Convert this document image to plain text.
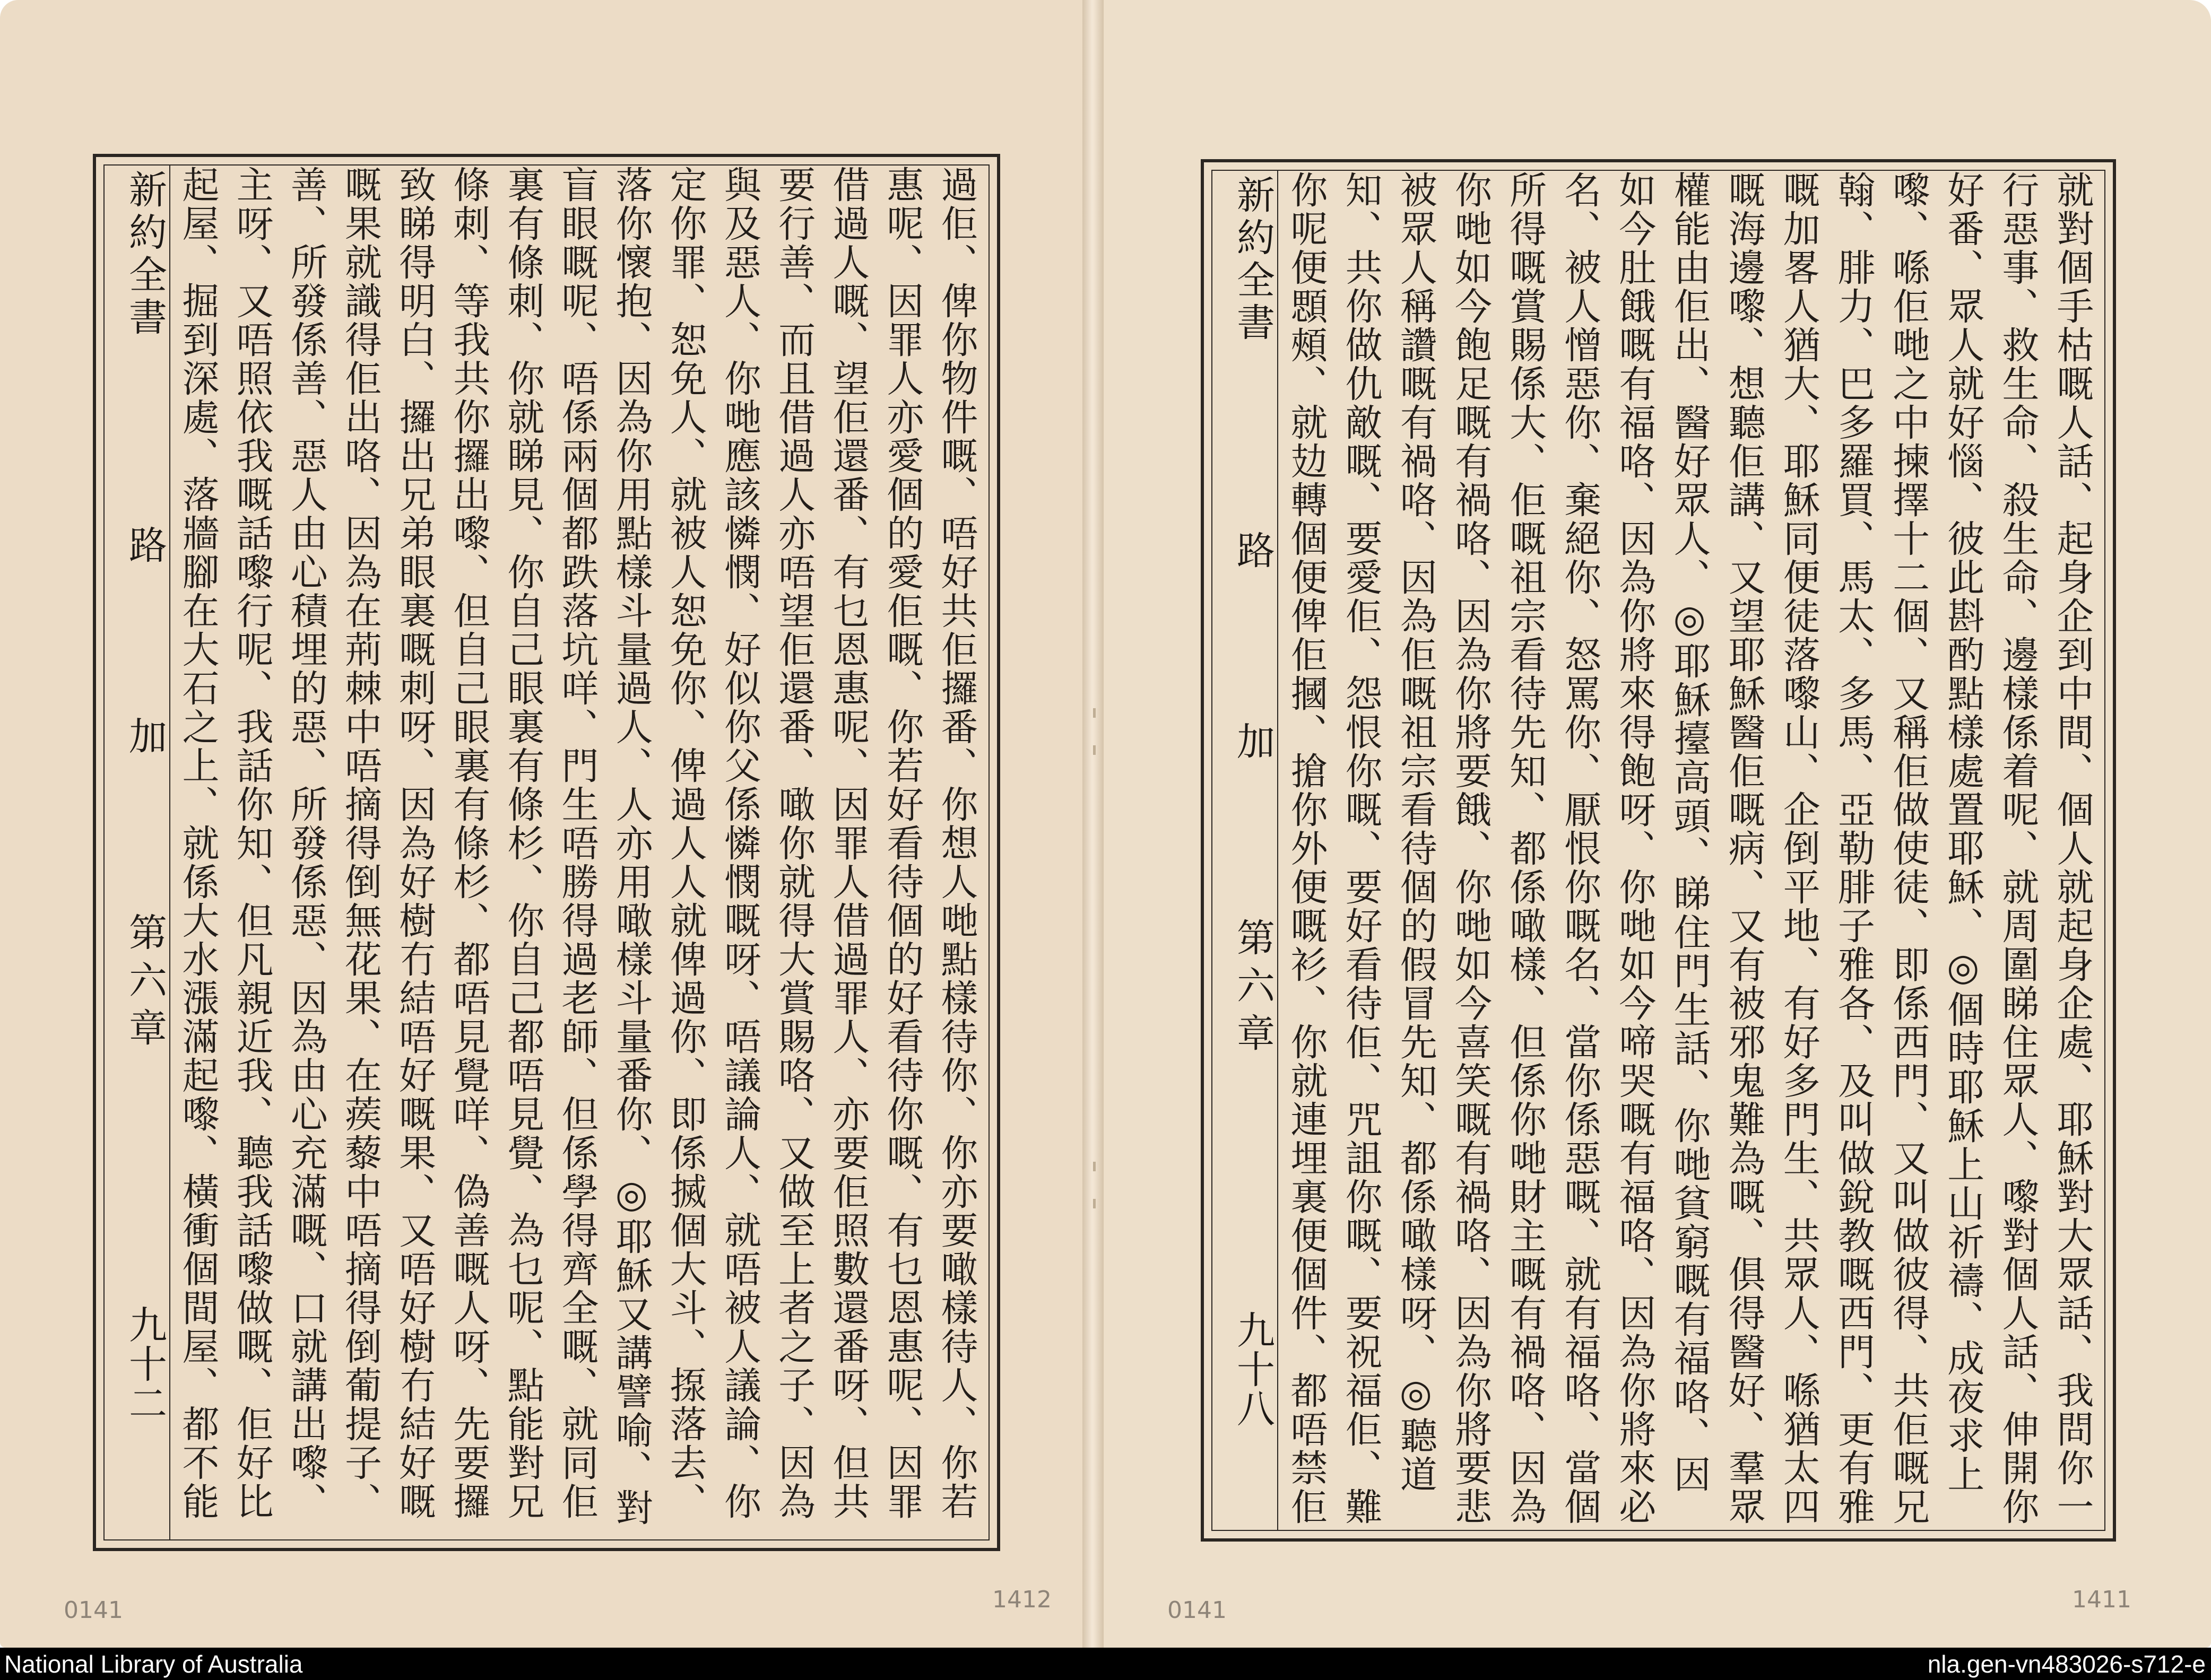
新約全書
路
加
第六章
九十二
過佢、俾你物件嘅、唔好共佢攞番、你想人哋點樣待你、你亦要噉樣待人、你若
惠呢、因罪人亦愛個的愛佢嘅、你若好看待個的好看待你嘅、有乜恩惠呢、因罪
借過人嘅、望佢還番、有乜恩惠呢、因罪人借過罪人、亦要佢照數還番呀、但共
要行善、而且借過人亦唔望佢還番、噉你就得大賞賜咯、又做至上者之子、因為
與及惡人、你哋應該憐憫、好似你父係憐憫嘅呀、唔議論人、就唔被人議論、你
定你罪、恕免人、就被人恕免你、俾過人人就俾過你、即係搣個大斗、揼落去、
落你懷抱、因為你用點樣斗量過人、人亦用噉樣斗量番你、◎耶穌又講譬喻、對
盲眼嘅呢、唔係兩個都跌落坑咩、門生唔勝得過老師、但係學得齊全嘅、就同佢
裏有條刺、你就睇見、你自己眼裏有條杉、你自己都唔見覺、為乜呢、點能對兄
條刺、等我共你攞出嚟、但自己眼裏有條杉、都唔見覺咩、偽善嘅人呀、先要攞
致睇得明白、攞出兄弟眼裏嘅刺呀、因為好樹冇結唔好嘅果、又唔好樹冇結好嘅
嘅果就識得佢出咯、因為在荊棘中唔摘得倒無花果、在蒺藜中唔摘得倒葡提子、
善、所發係善、惡人由心積埋的惡、所發係惡、因為由心充滿嘅、口就講出嚟、
主呀、又唔照依我嘅話嚟行呢、我話你知、但凡親近我、聽我話嚟做嘅、佢好比
起屋、掘到深處、落牆腳在大石之上、就係大水漲滿起嚟、橫衝個間屋、都不能
新約全書
路
加
第六章
九十八
就對個手枯嘅人話、起身企到中間、個人就起身企處、耶穌對大眾話、我問你一
行惡事、救生命、殺生命、邊樣係着呢、就周圍睇住眾人、嚟對個人話、伸開你
好番、眾人就好惱、彼此斟酌點樣處置耶穌、◎個時耶穌上山祈禱、成夜求上
嚟、喺佢哋之中揀擇十二個、又稱佢做使徒、即係西門、又叫做彼得、共佢嘅兄
翰、腓力、巴多羅買、馬太、多馬、亞勒腓子雅各、及叫做銳教嘅西門、更有雅
嘅加畧人猶大、耶穌同便徒落嚟山、企倒平地、有好多門生、共眾人、喺猶太四
嘅海邊嚟、想聽佢講、又望耶穌醫佢嘅病、又有被邪鬼難為嘅、俱得醫好、羣眾
權能由佢出、醫好眾人、◎耶穌擡高頭、睇住門生話、你哋貧窮嘅有福咯、因
如今肚餓嘅有福咯、因為你將來得飽呀、你哋如今啼哭嘅有福咯、因為你將來必
名、被人憎惡你、棄絕你、怒罵你、厭恨你嘅名、當你係惡嘅、就有福咯、當個
所得嘅賞賜係大、佢嘅祖宗看待先知、都係噉樣、但係你哋財主嘅有禍咯、因為
你哋如今飽足嘅有禍咯、因為你將要餓、你哋如今喜笑嘅有禍咯、因為你將要悲
被眾人稱讚嘅有禍咯、因為佢嘅祖宗看待個的假冒先知、都係噉樣呀、◎聽道
知、共你做仇敵嘅、要愛佢、怨恨你嘅、要好看待佢、咒詛你嘅、要祝福佢、難
你呢便顋頰、就攰轉個便俾佢摑、搶你外便嘅衫、你就連埋裏便個件、都唔禁佢
0141	1412	0141	1411
National Library of Australia	nla.gen-vn483026-s712-e
